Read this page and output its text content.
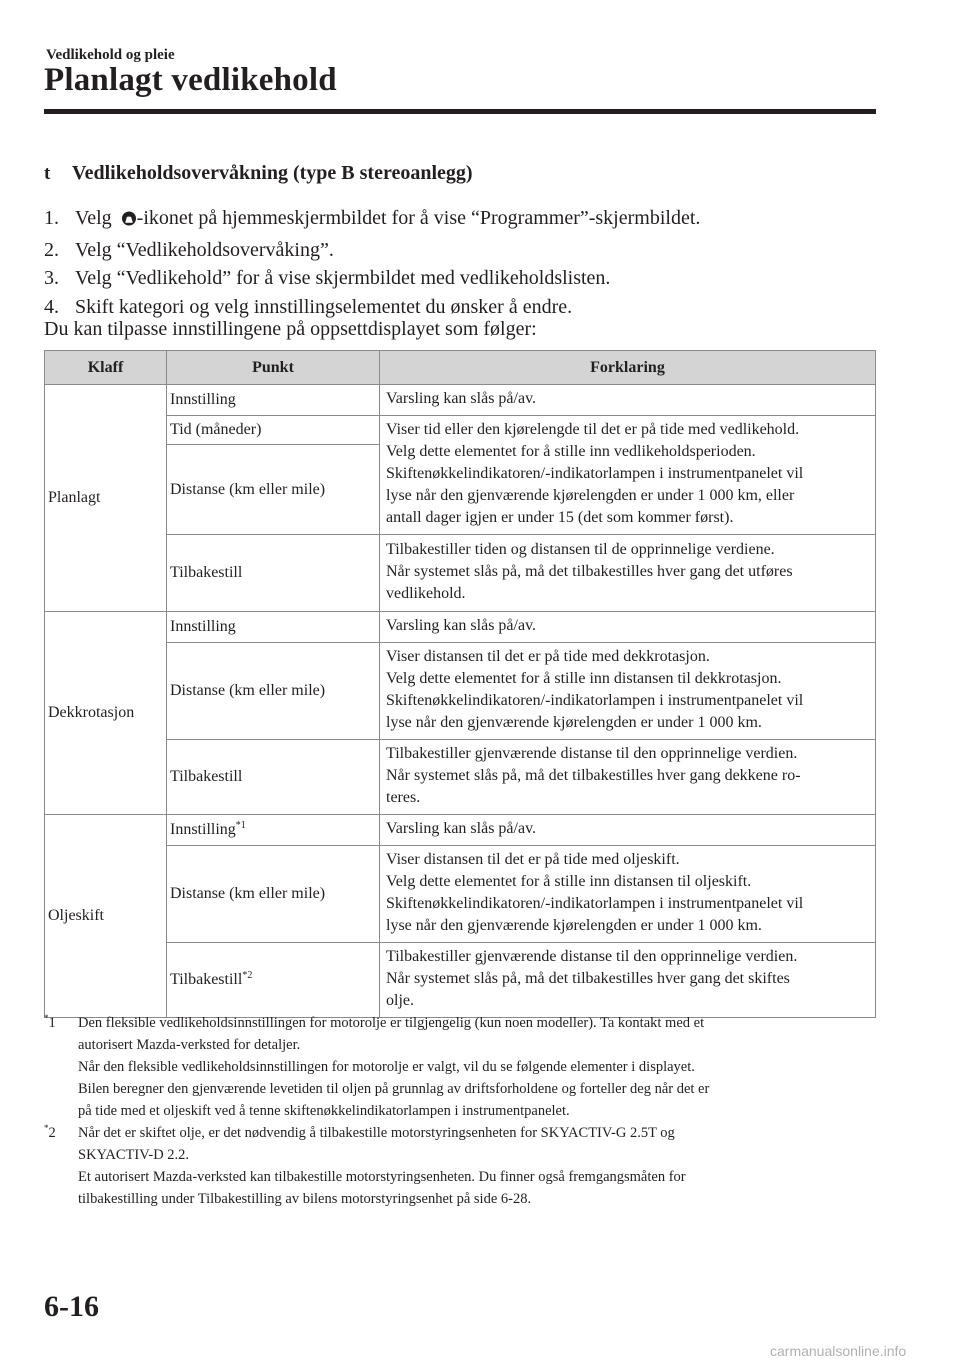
Vedlikehold og pleie
Planlagt vedlikehold
t	Vedlikeholdsovervåkning (type B stereoanlegg)
1. Velg -ikonet på hjemmeskjermbildet for å vise “Programmer”-skjermbildet.
2. Velg “Vedlikeholdsovervåking”.
3. Velg “Vedlikehold” for å vise skjermbildet med vedlikeholdslisten.
4. Skift kategori og velg innstillingselementet du ønsker å endre.
Du kan tilpasse innstillingene på oppsettdisplayet som følger:
Klaff	Punkt	Forklaring
Planlagt	Innstilling	Varsling kan slås på/av.

	Tid (måneder)	Viser tid eller den kjørelengde til det er på tide med vedlikehold.
Velg dette elementet for å stille inn vedlikeholdsperioden.
Skiftenøkkelindikatoren/-indikatorlampen i instrumentpanelet vil
lyse når den gjenværende kjørelengden er under 1 000 km, eller
antall dager igjen er under 15 (det som kommer først).

	Distanse (km eller mile)	
	Tilbakestill	Tilbakestiller tiden og distansen til de opprinnelige verdiene.
Når systemet slås på, må det tilbakestilles hver gang det utføres
vedlikehold.

Dekkrotasjon	Innstilling	Varsling kan slås på/av.

	Distanse (km eller mile)	Viser distansen til det er på tide med dekkrotasjon.
Velg dette elementet for å stille inn distansen til dekkrotasjon.
Skiftenøkkelindikatoren/-indikatorlampen i instrumentpanelet vil
lyse når den gjenværende kjørelengden er under 1 000 km.

	Tilbakestill	Tilbakestiller gjenværende distanse til den opprinnelige verdien.
Når systemet slås på, må det tilbakestilles hver gang dekkene ro-
teres.

Oljeskift	Innstilling$^{*1}$	Varsling kan slås på/av.

	Distanse (km eller mile)	Viser distansen til det er på tide med oljeskift.
Velg dette elementet for å stille inn distansen til oljeskift.
Skiftenøkkelindikatoren/-indikatorlampen i instrumentpanelet vil
lyse når den gjenværende kjørelengden er under 1 000 km.

	Tilbakestill$^{*2}$	Tilbakestiller gjenværende distanse til den opprinnelige verdien.
Når systemet slås på, må det tilbakestilles hver gang det skiftes
olje.
*1	Den fleksible vedlikeholdsinnstillingen for motorolje er tilgjengelig (kun noen modeller). Ta kontakt med et
autorisert Mazda-verksted for detaljer.
Når den fleksible vedlikeholdsinnstillingen for motorolje er valgt, vil du se følgende elementer i displayet.
Bilen beregner den gjenværende levetiden til oljen på grunnlag av driftsforholdene og forteller deg når det er
på tide med et oljeskift ved å tenne skiftenøkkelindikatorlampen i instrumentpanelet.
*2	Når det er skiftet olje, er det nødvendig å tilbakestille motorstyringsenheten for SKYACTIV-G 2.5T og
SKYACTIV-D 2.2.
Et autorisert Mazda-verksted kan tilbakestille motorstyringsenheten. Du finner også fremgangsmåten for
tilbakestilling under Tilbakestilling av bilens motorstyringsenhet på side 6-28.
6-16
carmanualsonline.info
